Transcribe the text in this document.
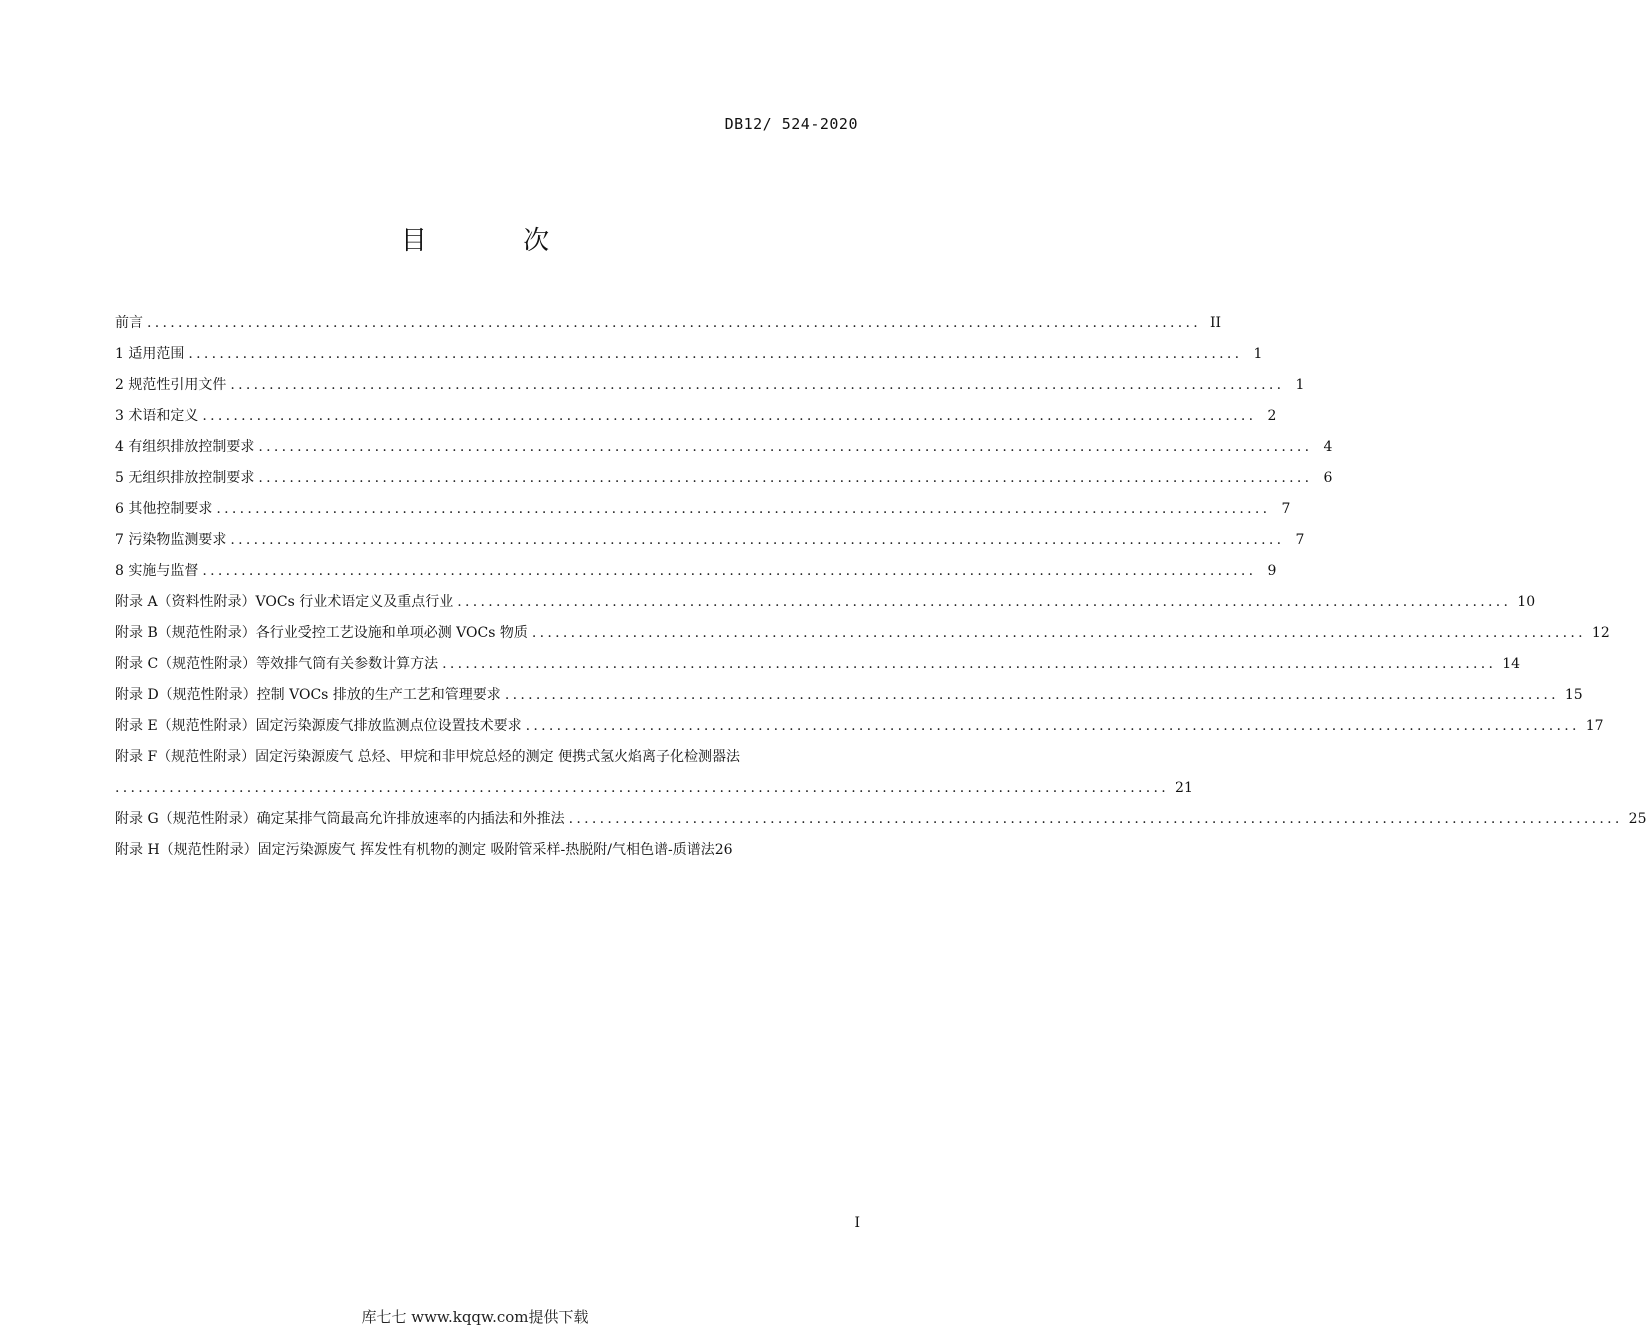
DB12/ 524-2020
目 次
前言 ........................................................................................................................................ II
1 适用范围 ........................................................................................................................................ 1
2 规范性引用文件 ........................................................................................................................................ 1
3 术语和定义 ........................................................................................................................................ 2
4 有组织排放控制要求 ........................................................................................................................................ 4
5 无组织排放控制要求 ........................................................................................................................................ 6
6 其他控制要求 ........................................................................................................................................ 7
7 污染物监测要求 ........................................................................................................................................ 7
8 实施与监督 ........................................................................................................................................ 9
附录 A（资料性附录）VOCs 行业术语定义及重点行业 ........................................................................................................................................ 10
附录 B（规范性附录）各行业受控工艺设施和单项必测 VOCs 物质 ........................................................................................................................................ 12
附录 C（规范性附录）等效排气筒有关参数计算方法 ........................................................................................................................................ 14
附录 D（规范性附录）控制 VOCs 排放的生产工艺和管理要求 ........................................................................................................................................ 15
附录 E（规范性附录）固定污染源废气排放监测点位设置技术要求 ........................................................................................................................................ 17
附录 F（规范性附录）固定污染源废气 总烃、甲烷和非甲烷总烃的测定 便携式氢火焰离子化检测器法
........................................................................................................................................ 21
附录 G（规范性附录）确定某排气筒最高允许排放速率的内插法和外推法 ........................................................................................................................................ 25
附录 H（规范性附录）固定污染源废气 挥发性有机物的测定 吸附管采样-热脱附/气相色谱-质谱法 26
I
库七七 www.kqqw.com提供下载
